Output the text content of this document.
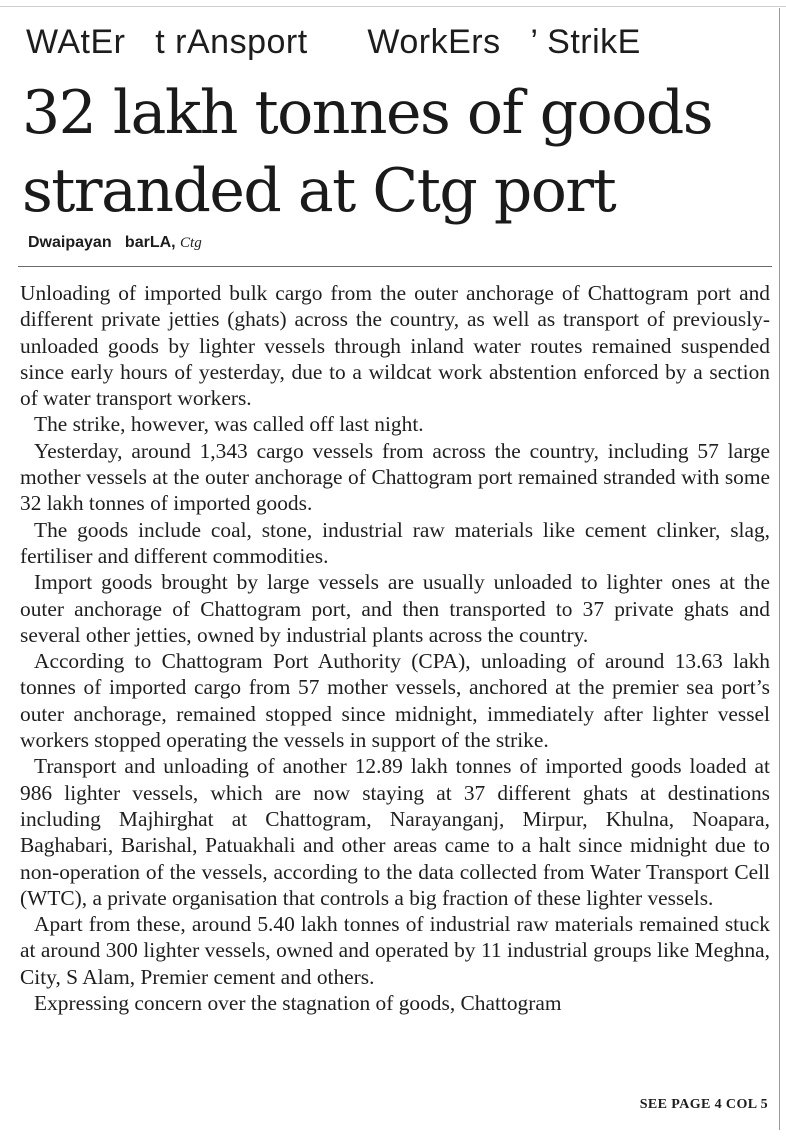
WAtEr   t rAnsport      WorkErs   ’ StrikE
32 lakh tonnes of goods stranded at Ctg port
Dwaipayan   barLA, Ctg

Unloading of imported bulk cargo from the outer anchorage of Chattogram port and different private jetties (ghats) across the country, as well as transport of previously-unloaded goods by lighter vessels through inland water routes remained suspended since early hours of yesterday, due to a wildcat work abstention enforced by a section of water transport workers.

The strike, however, was called off last night.

Yesterday, around 1,343 cargo vessels from across the country, including 57 large mother vessels at the outer anchorage of Chattogram port remained stranded with some 32 lakh tonnes of imported goods.

The goods include coal, stone, industrial raw materials like cement clinker, slag, fertiliser and different commodities.

Import goods brought by large vessels are usually unloaded to lighter ones at the outer anchorage of Chattogram port, and then transported to 37 private ghats and several other jetties, owned by industrial plants across the country.

According to Chattogram Port Authority (CPA), unloading of around 13.63 lakh tonnes of imported cargo from 57 mother vessels, anchored at the premier sea port’s outer anchorage, remained stopped since midnight, immediately after lighter vessel workers stopped operating the vessels in support of the strike.

Transport and unloading of another 12.89 lakh tonnes of imported goods loaded at 986 lighter vessels, which are now staying at 37 different ghats at destinations including Majhirghat at Chattogram, Narayanganj, Mirpur, Khulna, Noapara, Baghabari, Barishal, Patuakhali and other areas came to a halt since midnight due to non-operation of the vessels, according to the data collected from Water Transport Cell (WTC), a private organisation that controls a big fraction of these lighter vessels.

Apart from these, around 5.40 lakh tonnes of industrial raw materials remained stuck at around 300 lighter vessels, owned and operated by 11 industrial groups like Meghna, City, S Alam, Premier cement and others.

Expressing concern over the stagnation of goods, Chattogram

SEE PAGE 4 COL 5
